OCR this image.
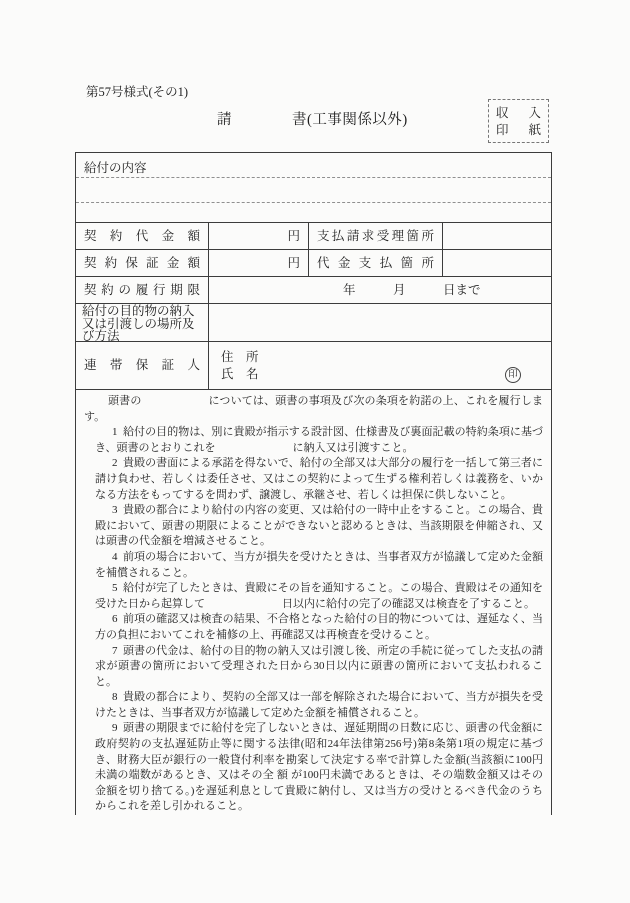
第57号様式(その1)
請　　　　書(工事関係以外)	収 入
印 紙
給付の内容
契約代金額	円	支払請求受理箇所
契約保証金額	円	代金支払箇所
契約の履行期限	年　　　月　　　日まで
給付の目的物の納入又は引渡しの場所及び方法
連帯保証人
住　所
氏　名	印

頭書の　　　　　　については、頭書の事項及び次の条項を約諾の上、これを履行します。

1 給付の目的物は、別に貴殿が指示する設計図、仕様書及び裏面記載の特約条項に基づき、頭書のとおりこれを　　　　　　　に納入又は引渡すこと。

2 貴殿の書面による承諾を得ないで、給付の全部又は大部分の履行を一括して第三者に請け負わせ、若しくは委任させ、又はこの契約によって生ずる権利若しくは義務を、いかなる方法をもってするを問わず、譲渡し、承継させ、若しくは担保に供しないこと。

3 貴殿の都合により給付の内容の変更、又は給付の一時中止をすること。この場合、貴殿において、頭書の期限によることができないと認めるときは、当該期限を伸縮され、又は頭書の代金額を増減させること。

4 前項の場合において、当方が損失を受けたときは、当事者双方が協議して定めた金額を補償されること。

5 給付が完了したときは、貴殿にその旨を通知すること。この場合、貴殿はその通知を受けた日から起算して　　　　　　　日以内に給付の完了の確認又は検査を了すること。

6 前項の確認又は検査の結果、不合格となった給付の目的物については、遅延なく、当方の負担においてこれを補修の上、再確認又は再検査を受けること。

7 頭書の代金は、給付の目的物の納入又は引渡し後、所定の手続に従ってした支払の請求が頭書の箇所において受理された日から30日以内に頭書の箇所において支払われること。

8 貴殿の都合により、契約の全部又は一部を解除された場合において、当方が損失を受けたときは、当事者双方が協議して定めた金額を補償されること。

9 頭書の期限までに給付を完了しないときは、遅延期間の日数に応じ、頭書の代金額に政府契約の支払遅延防止等に関する法律(昭和24年法律第256号)第8条第1項の規定に基づき、財務大臣が銀行の一般貸付利率を勘案して決定する率で計算した金額(当該額に100円未満の端数があるとき、又はその全 額 が100円未満であるときは、その端数金額又はその金額を切り捨てる。)を遅延利息として貴殿に納付し、又は当方の受けとるべき代金のうちからこれを差し引かれること。
